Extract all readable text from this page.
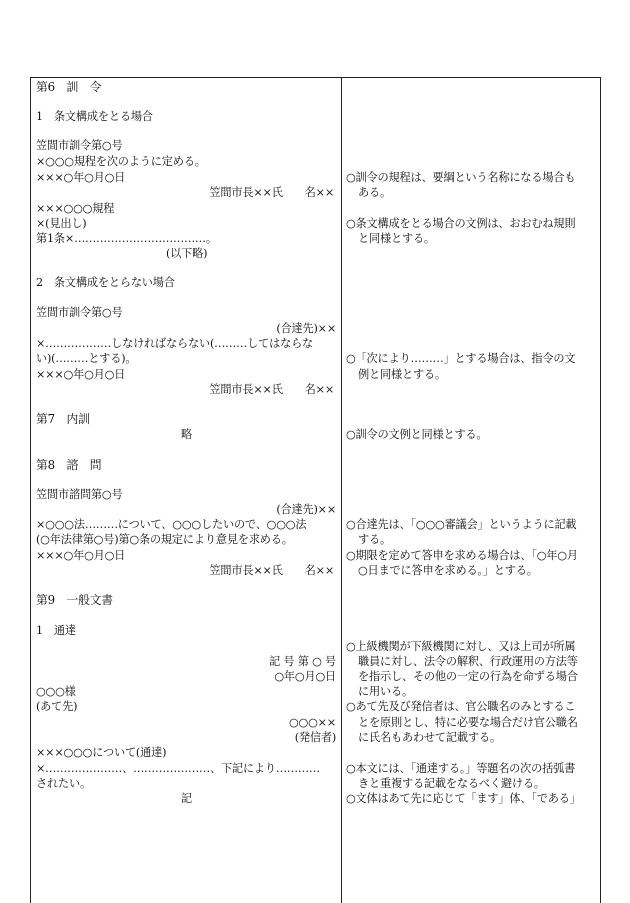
第6　訓　令
1　条文構成をとる場合
笠間市訓令第○号
×○○○規程を次のように定める。
×××○年○月○日
笠間市長××氏　　名××
×××○○○規程
×(見出し)
第1条×………………………………。
(以下略)
2　条文構成をとらない場合
笠間市訓令第○号
(合達先)××
×………………しなければならない(………してはならな
い)(………とする)。
×××○年○月○日
笠間市長××氏　　名××
第7　内訓
略
第8　諮　問
笠間市諮問第○号
(合達先)××
×○○○法………について、○○○したいので、○○○法
(○年法律第○号)第○条の規定により意見を求める。
×××○年○月○日
笠間市長××氏　　名××
第9　一般文書
1　通達
記 号 第 ○ 号
○年○月○日
○○○様
(あて先)
○○○××
(発信者)
×××○○○について(通達)
×…………………、…………………、下記により…………
されたい。
記
○訓令の規程は、要綱という名称になる場合も
ある。
○条文構成をとる場合の文例は、おおむね規則
と同様とする。
○「次により………」とする場合は、指令の文
例と同様とする。
○訓令の文例と同様とする。
○合達先は、「○○○審議会」というように記載
する。
○期限を定めて答申を求める場合は、「○年○月
○日までに答申を求める。」とする。
○上級機関が下級機関に対し、又は上司が所属
職員に対し、法令の解釈、行政運用の方法等
を指示し、その他の一定の行為を命ずる場合
に用いる。
○あて先及び発信者は、官公職名のみとするこ
とを原則とし、特に必要な場合だけ官公職名
に氏名もあわせて記載する。
○本文には、「通達する。」等題名の次の括弧書
きと重複する記載をなるべく避ける。
○文体はあて先に応じて「ます」体、「である」
